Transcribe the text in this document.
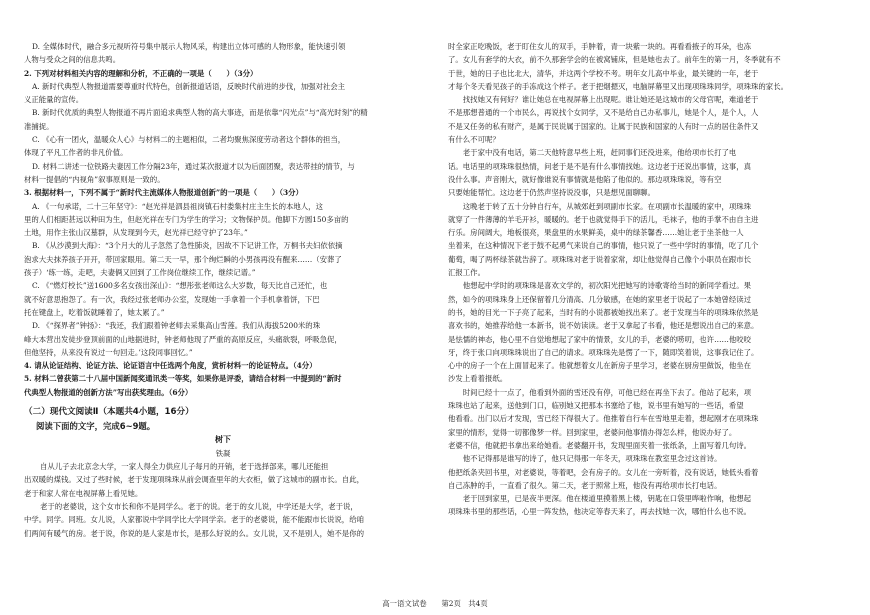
D. 全媒体时代，融合多元视听符号集中展示人物风采，构建出立体可感的人物形象，能快速引领
人物与受众之间的信息共鸣。
2. 下列对材料相关内容的理解和分析，不正确的一项是（　　）（3分）
A. 新时代典型人物报道需要尊重时代特色，创新报道话语，反映时代前进的步伐，加强对社会主
义正能量的宣传。
B. 新时代优质的典型人物报道不再片面追求典型人物的高大事迹，而是依靠“闪光点”与“高光时刻”的精
准捕捉。
C. 《心有一团火，温暖众人心》与材料二的主题相似，二者均聚焦深度劳动者这个群体的担当，
体现了平凡工作者的非凡价值。
D. 材料二讲述一位铁路夫妻因工作分隔23年，通过某次报道才以为后面团聚，表达带挂的情节，与
材料一提倡的“内视角”叙事原则是一致的。
3. 根据材料一，下列不属于“新时代主流媒体人物报道创新”的一项是（　　）（3分）
A. 《一句承诺，二十三年坚守》：“赵光祥是泗县祖岗镇石村娄集村庄主生长的本地人，这
里的人们相距甚远以种田为生，但赵光祥在专门为学生的学习；文物保护员。他脚下方圆150多亩的
土地，用作主张山汉墓群，从发现到今天，赵光祥已经守护了23年。”
B. 《从沙漠到大海》：“3个月大的儿子忽然了急性肺炎，因故不下记讲工作，万桐书夫妇依依摘
泡求大夫抹养孩子开开，带回家眼用。第二天一早，那个绚烂瞬的小男孩再没有醒来……（安葬了
孩子）‘练一练，走吧，夫妻俩又回到了工作岗位继续工作，继续记谱。”
C. 《“燃灯校长”送1600多名女孩出深山》：“想彤张老师这么大岁数，每天比自己还忙，也
就不好意思抱怨了。有一次，我经过张老师办公室，发现她一手拿着一个手机拿着饼，下巴
托在键盘上，吃着饭就睡着了，她太累了。”
D. 《“探界者”钟扬》：“我还，我们跟着钟老师去采集高山雪莲。我们从海拔5200米的珠
峰大本营出发徒步登顶前面的山地据进时，钟老师他现了严重的高原反应，头痛欲裂，呼吸急促，
但他坚持，从来没有说过一句回走。’这段同事回忆。”
4. 请从论证结构、论证方法、论证语言中任选两个角度，赏析材料一的论证特点。（4分）
5. 材料二曾获第二十八届中国新闻奖通讯类一等奖，如果你是评委，请结合材料一中提到的“新时
代典型人物报道的创新方法”写出获奖理由。（6分）
（二）现代文阅读Ⅱ（本题共4小题，16分）
阅读下面的文字，完成6~9题。
树下
铁凝
自从儿子去北京念大学，一家人得全力供应儿子每月的开销，老于选择部来，哪儿还能担
出双暖的煤钱。又过了些时候，老于发现項珠珠从前会调查里年的大衣柜，做了这城市的副市长。自此，
老于和家人常在电视屏幕上看见她。
老于的老婆说，这个女市长和你不是同学么。老于的说。老于的女儿说，中学还是大学，老于说，
中学。同学。同班。女儿说，人家都说中学同学比大学同学亲。老于的老婆说，能不能跟市长说说，给咱
们两间有暖气的房。老于说，你说的是人家是市长，是那么好说的么。女儿说，又不是别人，她不是你的
时全家正吃晚饭，老于盯住女儿的双手，手肿着，青一块紫一块的。再看看掖子的耳朵，也冻
了。女儿有套学的大衣，前不久那套学会的在被窝铺床，但是她也去了。前年生的第一月，冬季就有不
于世，她的日子也比北大，清华，并这两个学校不考。明年女儿高中毕业，最关键的一年，老于
才每个冬天看见孩子的手冻成这个样子。老于把烟摁灭，电脑屏幕里又出现项珠珠同学，项珠珠的家长。
　　找找她又有何好？谁让她总在电视屏幕上出现呢。谁让她还是这城市的父母官呢，难道老于
不是那想普通的一个市民么，再说找个女同学，又不是给自己办私事儿，她是个人，是个人，人
不是又任务的私有财产，是属于民说属于国家的。让属于民族和国家的人有时一点的居住条件又
有什么不可呢？
　　老于家中没有电话，第二天他特意早些上班，赶同事们还没进来，他给项市长打了电
话。电话里的项珠珠很热情，问老于是不是有什么事情找她。这边老于还说出事情，这事，真
没什么事。声音刚大，就好像谁说有事情就是他陷了他似的。那边项珠珠说，等有空
只要她能帮忙。这边老于仍然声坚持说没事，只是想见面聊聊。
　　这晚老于转了五十分钟自行车，从城郊赶到项副市长家。在项副市长温暖的家中，项珠珠
就穿了一件薄薄的羊毛开衫，暖暖的。老于也就觉得手下的活儿，毛袜子，他的手掌不由自主进
行乐。房间阔大，地板很亮，果盘里的水果鲜美，桌中的绿茶馨香……她让老于坐茶他一人
坐着来，在这种情况下老于鼓不起勇气来说自己的事情，他只说了一些中学时的事情，吃了几个
葡萄，喝了两杯绿茶就告辞了。项珠珠对老于说着家常，却让他觉得自己像个小职员在跟市长
汇报工作。
　　他想起中学时的项珠珠是喜欢文学的，初次阳光把她写的诗歌寄给当时的新同学看过。果
然，如今的项珠珠身上还保留着几分清高、几分敏感，在她的家里老于说起了一本她曾经读过
的书，她的目光一下子亮了起来，当时有的小说都被她找出来了。老于发现当年的项珠珠依然是
喜欢书的，她推荐给他一本新书，说不妨读读。老于又拿起了书看，他还是想说出自己的来意。
是怯懦的神态，他心里不自觉地想起了家中的情景，女儿的手，老婆的唠叨，也许……他咬咬
牙，终于张口向项珠珠说出了自己的请求。项珠珠先是愣了一下，随即笑着说，这事我记住了。
心中的房子一个在上面冒起来了。他就想着女儿在新房子里学习，老婆在厨房里做饭，他坐在
沙发上看着报纸。
　　时间已经十一点了，他看到外面的雪还没有停，可他已经在再坐下去了。他站了起来，项
珠珠也站了起来，送他到门口，临别她又把那本书塞给了他，说书里有她写的一些话，希望
他看看。出门以后才发现，雪已经下得很大了。他推着自行车在雪地里走着，想起刚才在项珠珠
家里的情形，觉得一切都像梦一样。回到家里，老婆问他事情办得怎么样，他说办好了。
老婆不信，他就把书拿出来给她看。老婆翻开书，发现里面夹着一张纸条，上面写着几句诗。
　　他不记得那是谁写的诗了，他只记得那一年冬天，项珠珠在教室里念过这首诗。
他把纸条夹回书里，对老婆说，等着吧，会有房子的。女儿在一旁听着，没有说话，她低头看着
自己冻肿的手，一直看了很久。第二天，老于照常上班，他没有再给项市长打电话。
　　老于回到家里，已是夜半更深。他在楼道里摸着黑上楼，钥匙在口袋里哗啦作响，他想起
项珠珠书里的那些话，心里一阵发热，他决定等春天来了，再去找她一次，哪怕什么也不说。
高一语文试卷　　第2页　共4页
